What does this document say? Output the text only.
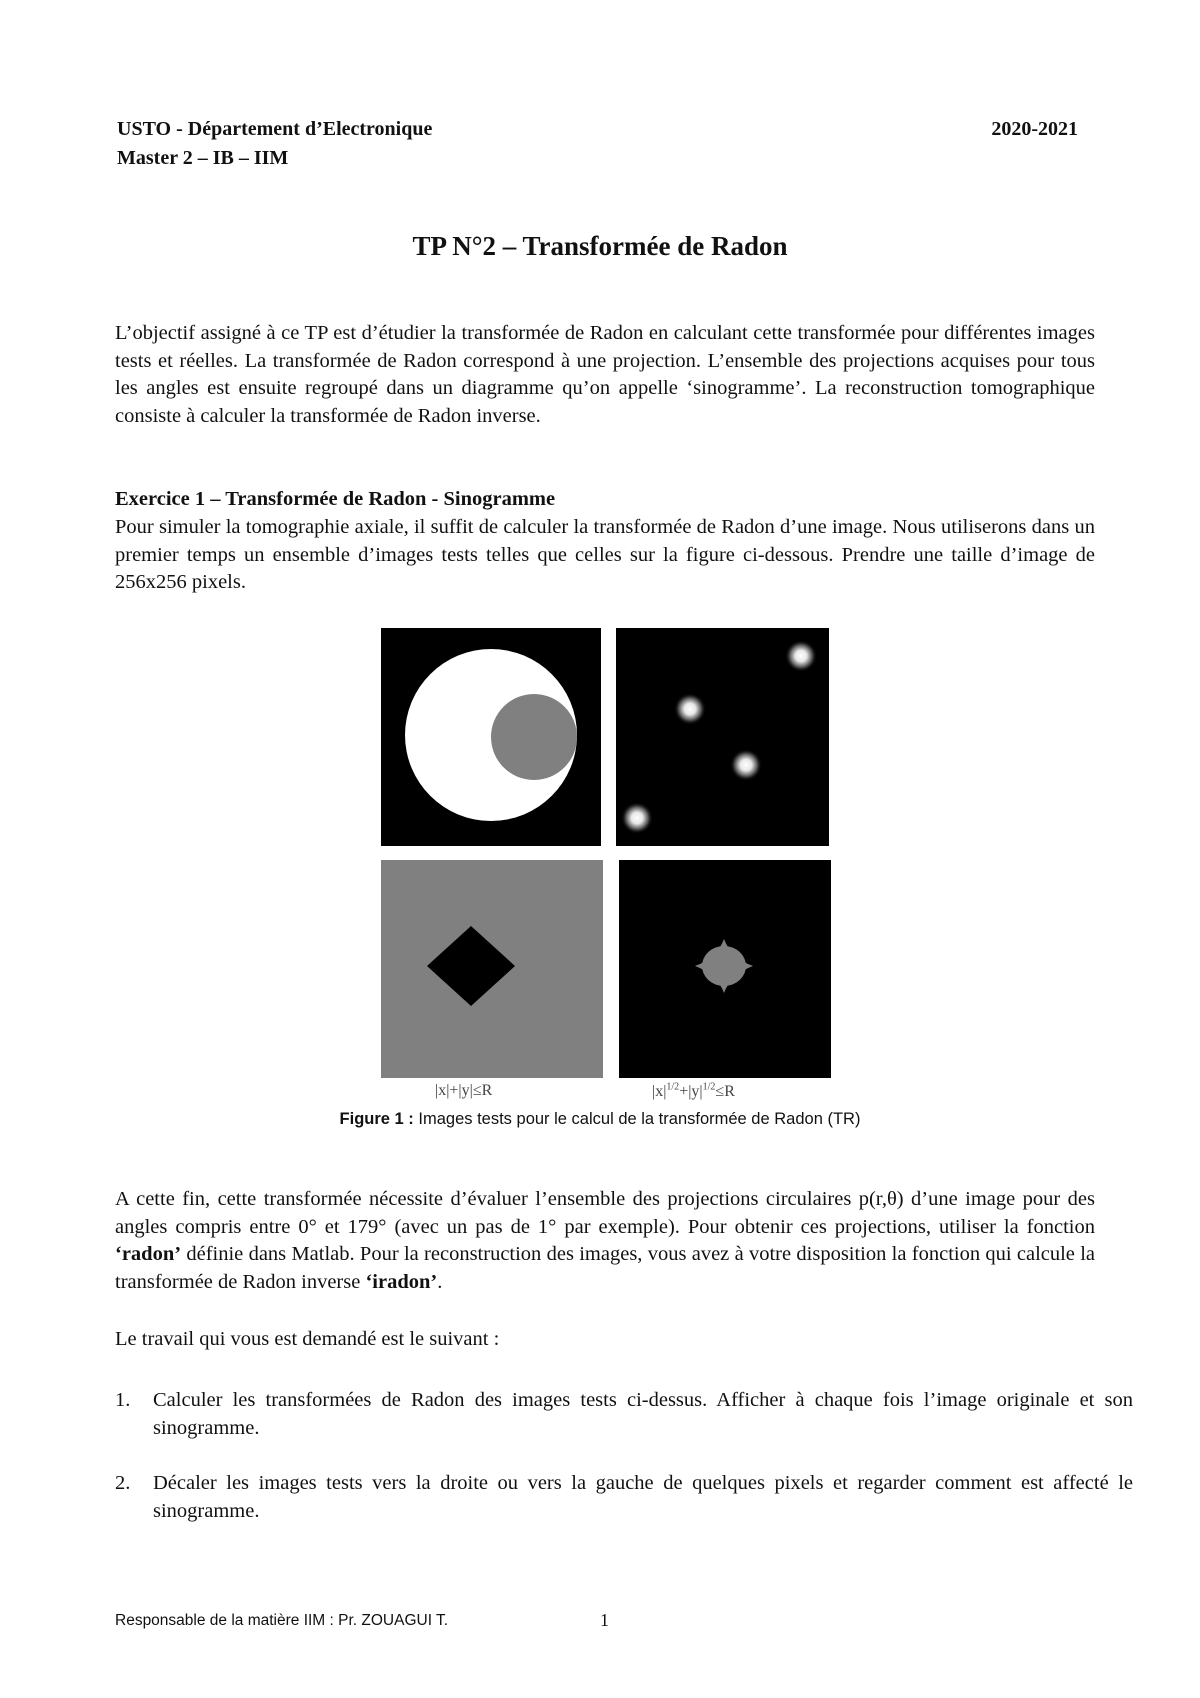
USTO - Département d’Electronique
Master 2 – IB – IIM
2020-2021
TP N°2 – Transformée de Radon

L’objectif assigné à ce TP est d’étudier la transformée de Radon en calculant cette transformée pour différentes images tests et réelles. La transformée de Radon correspond à une projection. L’ensemble des projections acquises pour tous les angles est ensuite regroupé dans un diagramme qu’on appelle ‘sinogramme’. La reconstruction tomographique consiste à calculer la transformée de Radon inverse.

Exercice 1 – Transformée de Radon - Sinogramme

Pour simuler la tomographie axiale, il suffit de calculer la transformée de Radon d’une image. Nous utiliserons dans un premier temps un ensemble d’images tests telles que celles sur la figure ci-dessous. Prendre une taille d’image de 256x256 pixels.

|x|+|y|≤R	$|x|^{1/2}+|y|^{1/2}\le R$
Figure 1 : Images tests pour le calcul de la transformée de Radon (TR)

A cette fin, cette transformée nécessite d’évaluer l’ensemble des projections circulaires p(r,θ) d’une image pour des angles compris entre 0° et 179° (avec un pas de 1° par exemple). Pour obtenir ces projections, utiliser la fonction ‘radon’ définie dans Matlab. Pour la reconstruction des images, vous avez à votre disposition la fonction qui calcule la transformée de Radon inverse ‘iradon’.

Le travail qui vous est demandé est le suivant :

1. Calculer les transformées de Radon des images tests ci-dessus. Afficher à chaque fois l’image originale et son sinogramme.
2. Décaler les images tests vers la droite ou vers la gauche de quelques pixels et regarder comment est affecté le sinogramme.
Responsable de la matière IIM : Pr. ZOUAGUI T.	1
